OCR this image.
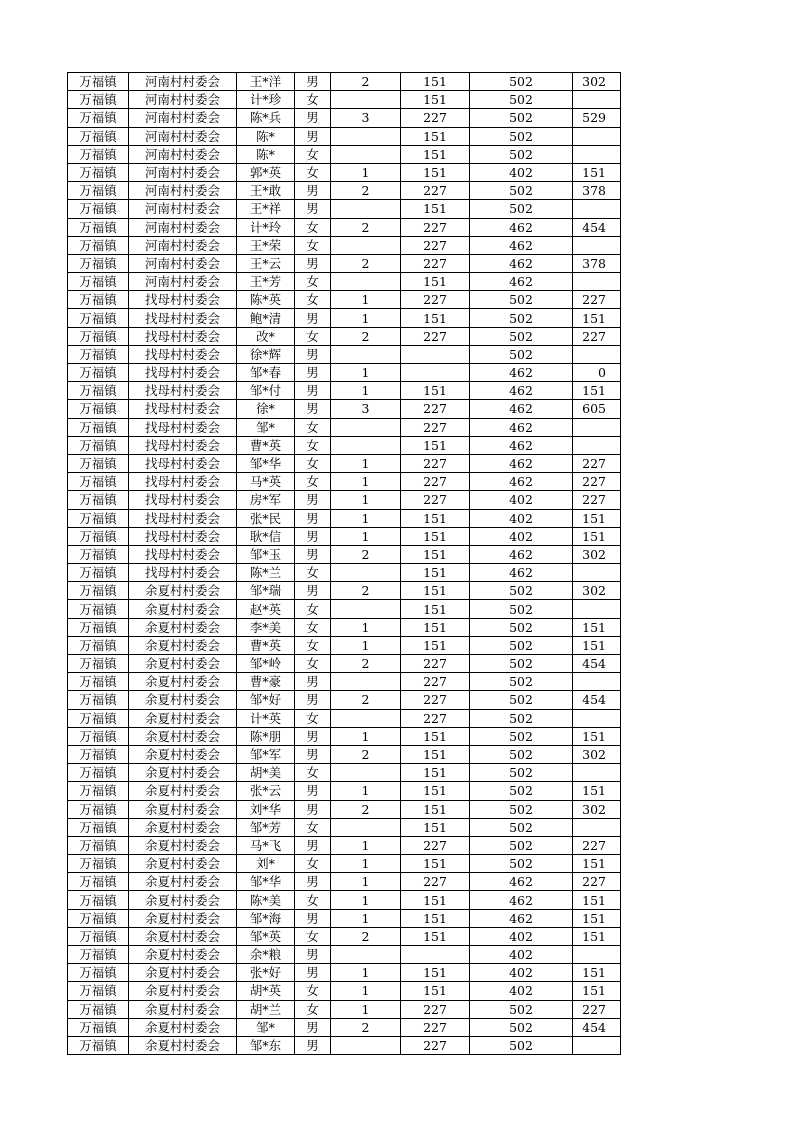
万福镇	河南村村委会	王*洋	男	2	151	502	302
万福镇	河南村村委会	计*珍	女		151	502	
万福镇	河南村村委会	陈*兵	男	3	227	502	529
万福镇	河南村村委会	陈*	男		151	502	
万福镇	河南村村委会	陈*	女		151	502	
万福镇	河南村村委会	郭*英	女	1	151	402	151
万福镇	河南村村委会	王*敢	男	2	227	502	378
万福镇	河南村村委会	王*祥	男		151	502	
万福镇	河南村村委会	计*玲	女	2	227	462	454
万福镇	河南村村委会	王*荣	女		227	462	
万福镇	河南村村委会	王*云	男	2	227	462	378
万福镇	河南村村委会	王*芳	女		151	462	
万福镇	找母村村委会	陈*英	女	1	227	502	227
万福镇	找母村村委会	鲍*清	男	1	151	502	151
万福镇	找母村村委会	改*	女	2	227	502	227
万福镇	找母村村委会	徐*辉	男			502	
万福镇	找母村村委会	邹*春	男	1		462	0
万福镇	找母村村委会	邹*付	男	1	151	462	151
万福镇	找母村村委会	徐*	男	3	227	462	605
万福镇	找母村村委会	邹*	女		227	462	
万福镇	找母村村委会	曹*英	女		151	462	
万福镇	找母村村委会	邹*华	女	1	227	462	227
万福镇	找母村村委会	马*英	女	1	227	462	227
万福镇	找母村村委会	房*军	男	1	227	402	227
万福镇	找母村村委会	张*民	男	1	151	402	151
万福镇	找母村村委会	耿*信	男	1	151	402	151
万福镇	找母村村委会	邹*玉	男	2	151	462	302
万福镇	找母村村委会	陈*兰	女		151	462	
万福镇	余夏村村委会	邹*瑞	男	2	151	502	302
万福镇	余夏村村委会	赵*英	女		151	502	
万福镇	余夏村村委会	李*美	女	1	151	502	151
万福镇	余夏村村委会	曹*英	女	1	151	502	151
万福镇	余夏村村委会	邹*岭	女	2	227	502	454
万福镇	余夏村村委会	曹*豪	男		227	502	
万福镇	余夏村村委会	邹*好	男	2	227	502	454
万福镇	余夏村村委会	计*英	女		227	502	
万福镇	余夏村村委会	陈*朋	男	1	151	502	151
万福镇	余夏村村委会	邹*军	男	2	151	502	302
万福镇	余夏村村委会	胡*美	女		151	502	
万福镇	余夏村村委会	张*云	男	1	151	502	151
万福镇	余夏村村委会	刘*华	男	2	151	502	302
万福镇	余夏村村委会	邹*芳	女		151	502	
万福镇	余夏村村委会	马*飞	男	1	227	502	227
万福镇	余夏村村委会	刘*	女	1	151	502	151
万福镇	余夏村村委会	邹*华	男	1	227	462	227
万福镇	余夏村村委会	陈*美	女	1	151	462	151
万福镇	余夏村村委会	邹*海	男	1	151	462	151
万福镇	余夏村村委会	邹*英	女	2	151	402	151
万福镇	余夏村村委会	余*粮	男			402	
万福镇	余夏村村委会	张*好	男	1	151	402	151
万福镇	余夏村村委会	胡*英	女	1	151	402	151
万福镇	余夏村村委会	胡*兰	女	1	227	502	227
万福镇	余夏村村委会	邹*	男	2	227	502	454
万福镇	余夏村村委会	邹*东	男		227	502	
